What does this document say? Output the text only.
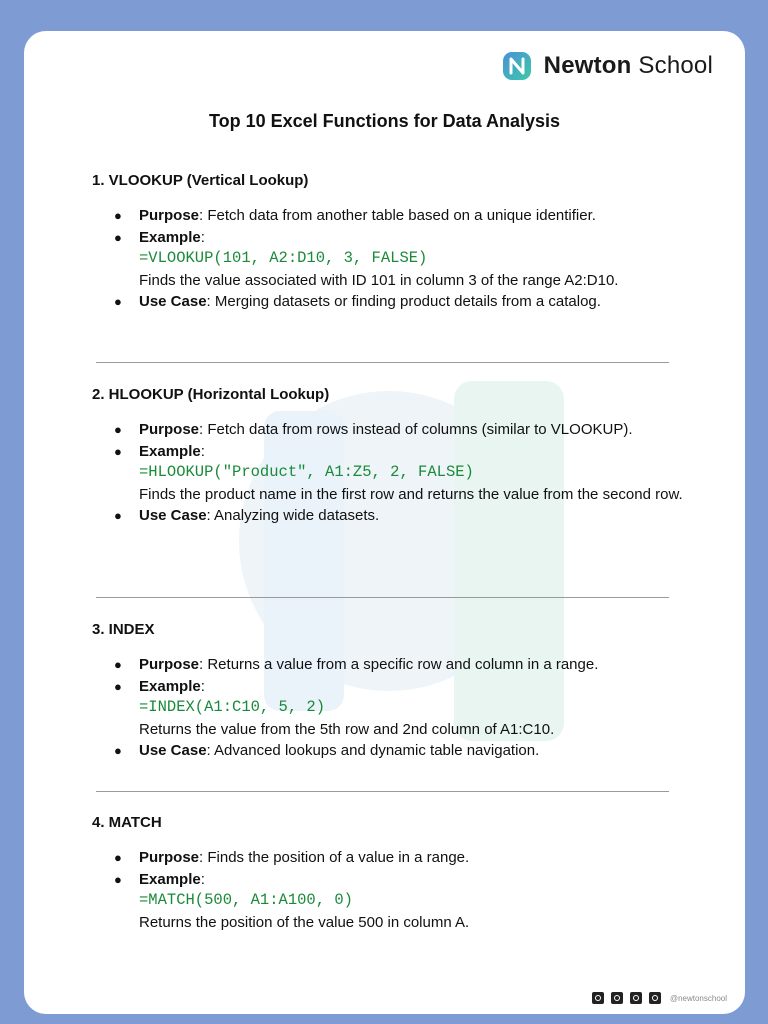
Newton School
Top 10 Excel Functions for Data Analysis
1. VLOOKUP (Vertical Lookup)
● Purpose: Fetch data from another table based on a unique identifier.
● Example:
=VLOOKUP(101, A2:D10, 3, FALSE)
Finds the value associated with ID 101 in column 3 of the range A2:D10.
● Use Case: Merging datasets or finding product details from a catalog.
2. HLOOKUP (Horizontal Lookup)
● Purpose: Fetch data from rows instead of columns (similar to VLOOKUP).
● Example:
=HLOOKUP("Product", A1:Z5, 2, FALSE)
Finds the product name in the first row and returns the value from the second row.
● Use Case: Analyzing wide datasets.
3. INDEX
● Purpose: Returns a value from a specific row and column in a range.
● Example:
=INDEX(A1:C10, 5, 2)
Returns the value from the 5th row and 2nd column of A1:C10.
● Use Case: Advanced lookups and dynamic table navigation.
4. MATCH
● Purpose: Finds the position of a value in a range.
● Example:
=MATCH(500, A1:A100, 0)
Returns the position of the value 500 in column A.
@newtonschool
